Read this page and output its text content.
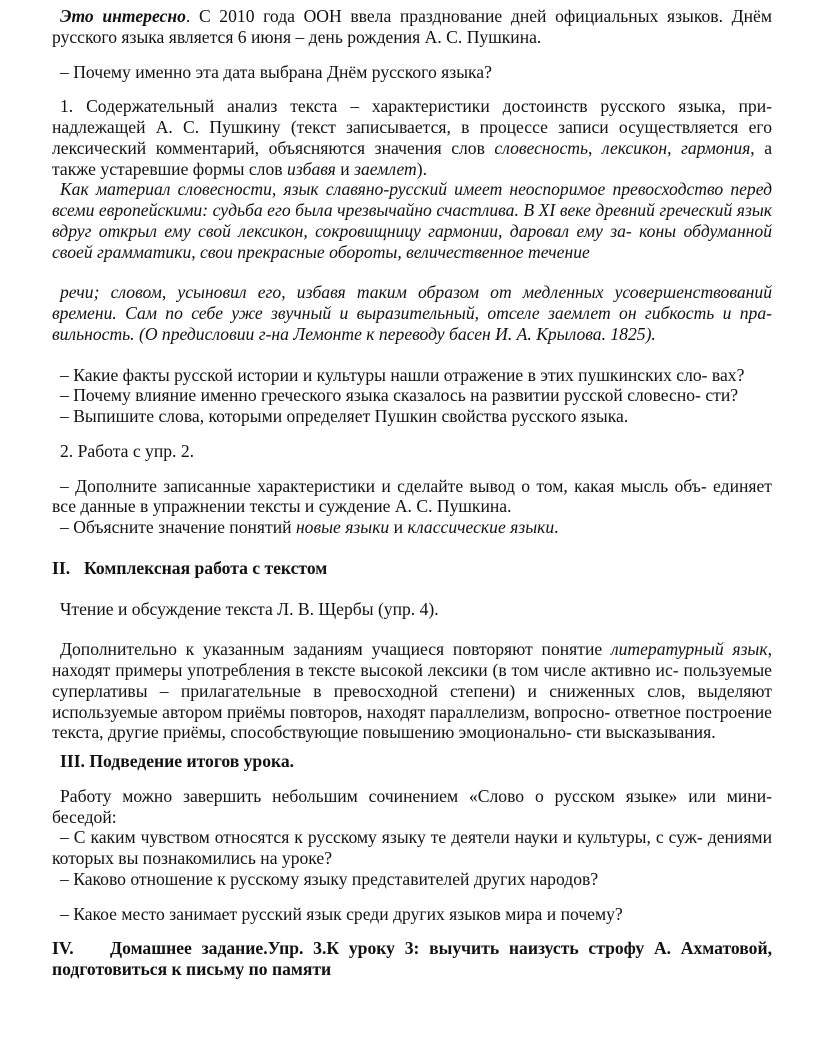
Это интересно. С 2010 года ООН ввела празднование дней официальных языков. Днём русского языка является 6 июня – день рождения А. С. Пушкина.

– Почему именно эта дата выбрана Днём русского языка?

1. Содержательный анализ текста – характеристики достоинств русского языка, при- надлежащей А. С. Пушкину (текст записывается, в процессе записи осуществляется его лексический комментарий, объясняются значения слов словесность, лексикон, гармония, а также устаревшие формы слов избавя и заемлет).

Как материал словесности, язык славяно-русский имеет неоспоримое превосходство перед всеми европейскими: судьба его была чрезвычайно счастлива. В XI веке древний греческий язык вдруг открыл ему свой лексикон, сокровищницу гармонии, даровал ему за- коны обдуманной своей грамматики, свои прекрасные обороты, величественное течение

речи; словом, усыновил его, избавя таким образом от медленных усовершенствований времени. Сам по себе уже звучный и выразительный, отселе заемлет он гибкость и пра- вильность. (О предисловии г-на Лемонте к переводу басен И. А. Крылова. 1825).

– Какие факты русской истории и культуры нашли отражение в этих пушкинских сло- вах?

– Почему влияние именно греческого языка сказалось на развитии русской словесно- сти?

– Выпишите слова, которыми определяет Пушкин свойства русского языка.

2. Работа с упр. 2.

– Дополните записанные характеристики и сделайте вывод о том, какая мысль объ- единяет все данные в упражнении тексты и суждение А. С. Пушкина.

– Объясните значение понятий новые языки и классические языки.

II. Комплексная работа с текстом

Чтение и обсуждение текста Л. В. Щербы (упр. 4).

Дополнительно к указанным заданиям учащиеся повторяют понятие литературный язык, находят примеры употребления в тексте высокой лексики (в том числе активно ис- пользуемые суперлативы – прилагательные в превосходной степени) и сниженных слов, выделяют используемые автором приёмы повторов, находят параллелизм, вопросно- ответное построение текста, другие приёмы, способствующие повышению эмоционально- сти высказывания.

III. Подведение итогов урока.

Работу можно завершить небольшим сочинением «Слово о русском языке» или мини- беседой:

– С каким чувством относятся к русскому языку те деятели науки и культуры, с суж- дениями которых вы познакомились на уроке?

– Каково отношение к русскому языку представителей других народов?

– Какое место занимает русский язык среди других языков мира и почему?

IV. Домашнее задание.Упр. 3.К уроку 3: выучить наизусть строфу А. Ахматовой, подготовиться к письму по памяти
